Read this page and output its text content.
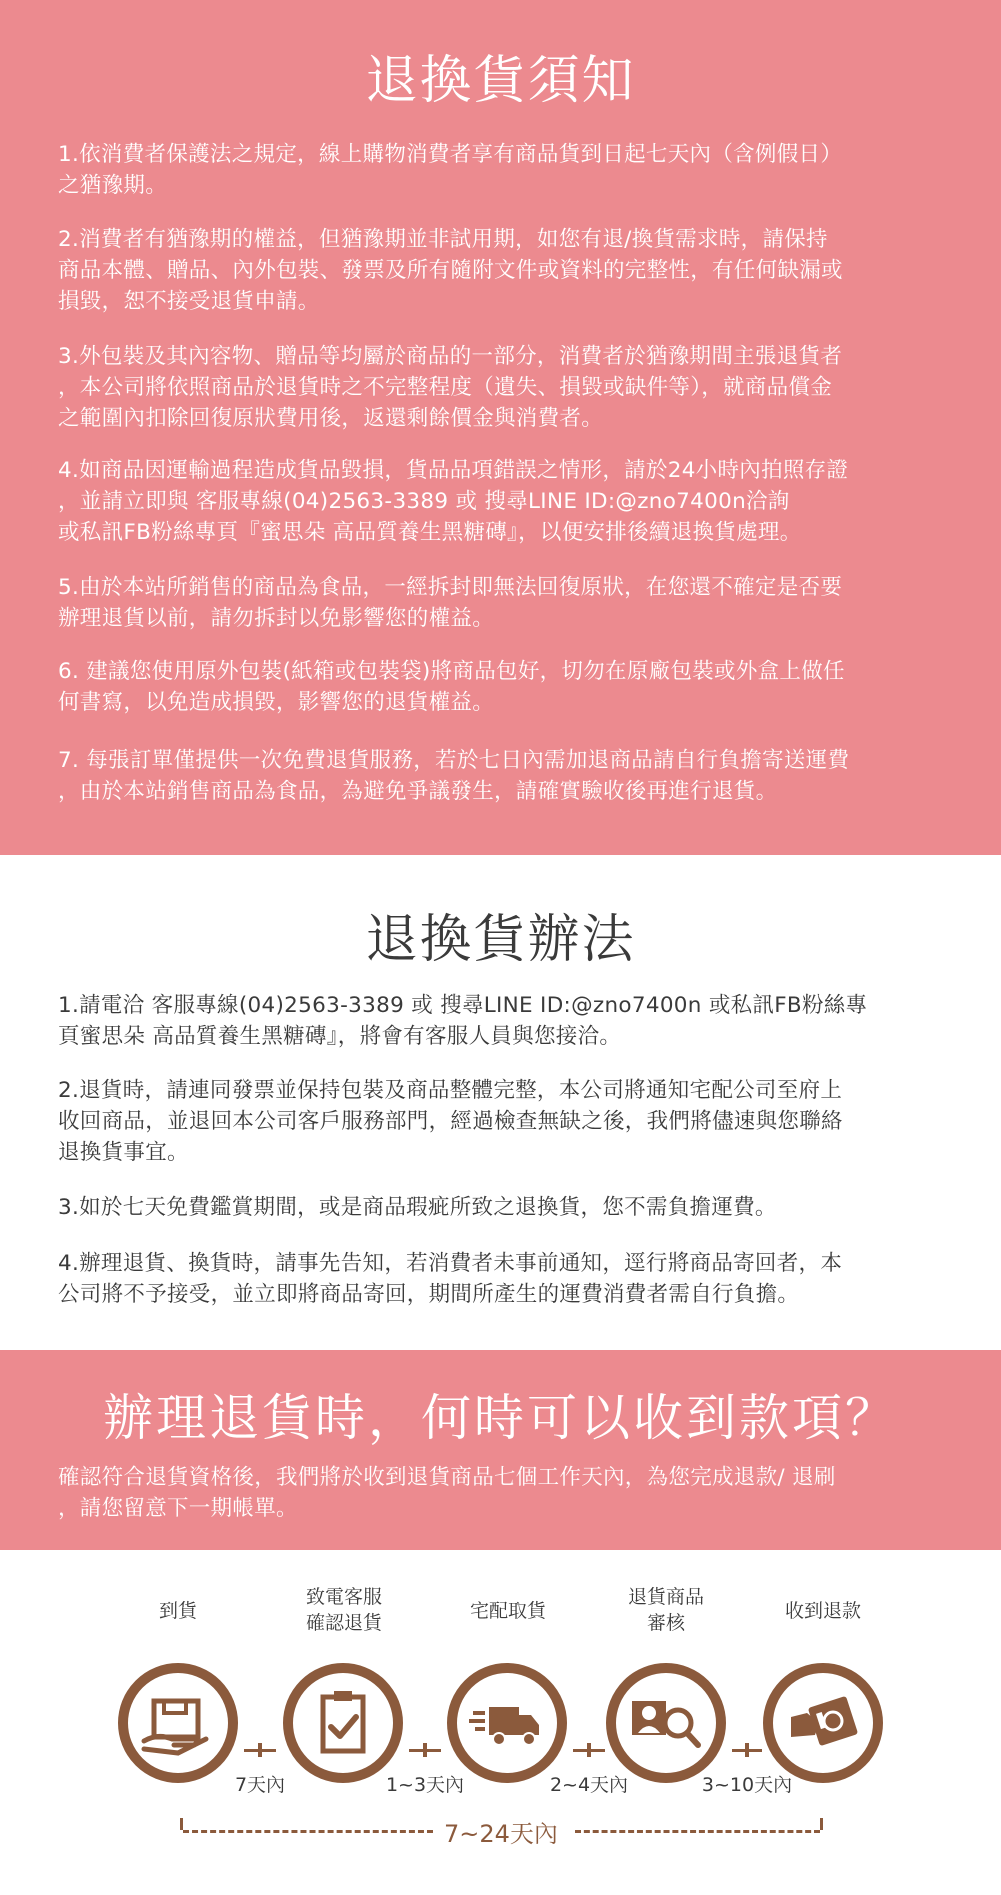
退換貨須知
1.依消費者保護法之規定，線上購物消費者享有商品貨到日起七天內（含例假日）
之猶豫期。
2.消費者有猶豫期的權益，但猶豫期並非試用期，如您有退/換貨需求時，請保持
商品本體、贈品、內外包裝、發票及所有隨附文件或資料的完整性，有任何缺漏或
損毀，恕不接受退貨申請。
3.外包裝及其內容物、贈品等均屬於商品的一部分，消費者於猶豫期間主張退貨者
，本公司將依照商品於退貨時之不完整程度（遺失、損毀或缺件等），就商品償金
之範圍內扣除回復原狀費用後，返還剩餘價金與消費者。
4.如商品因運輸過程造成貨品毀損，貨品品項錯誤之情形，請於24小時內拍照存證
，並請立即與 客服專線(04)2563-3389 或 搜尋LINE ID:@zno7400n洽詢
或私訊FB粉絲專頁『蜜思朵 高品質養生黑糖磚』，以便安排後續退換貨處理。
5.由於本站所銷售的商品為食品，一經拆封即無法回復原狀，在您還不確定是否要
辦理退貨以前，請勿拆封以免影響您的權益。
6. 建議您使用原外包裝(紙箱或包裝袋)將商品包好，切勿在原廠包裝或外盒上做任
何書寫，以免造成損毀，影響您的退貨權益。
7. 每張訂單僅提供一次免費退貨服務，若於七日內需加退商品請自行負擔寄送運費
，由於本站銷售商品為食品，為避免爭議發生，請確實驗收後再進行退貨。
退換貨辦法
1.請電洽 客服專線(04)2563-3389 或 搜尋LINE ID:@zno7400n 或私訊FB粉絲專
頁蜜思朵 高品質養生黑糖磚』，將會有客服人員與您接洽。
2.退貨時，請連同發票並保持包裝及商品整體完整，本公司將通知宅配公司至府上
收回商品，並退回本公司客戶服務部門，經過檢查無缺之後，我們將儘速與您聯絡
退換貨事宜。
3.如於七天免費鑑賞期間，或是商品瑕疵所致之退換貨，您不需負擔運費。
4.辦理退貨、換貨時，請事先告知，若消費者未事前通知，逕行將商品寄回者，本
公司將不予接受，並立即將商品寄回，期間所產生的運費消費者需自行負擔。
辦理退貨時，何時可以收到款項？
確認符合退貨資格後，我們將於收到退貨商品七個工作天內，為您完成退款/ 退刷
，請您留意下一期帳單。
到貨
致電客服
確認退貨
宅配取貨
退貨商品
審核
收到退款
7天內	1~3天內	2~4天內	3~10天內
7~24天內
